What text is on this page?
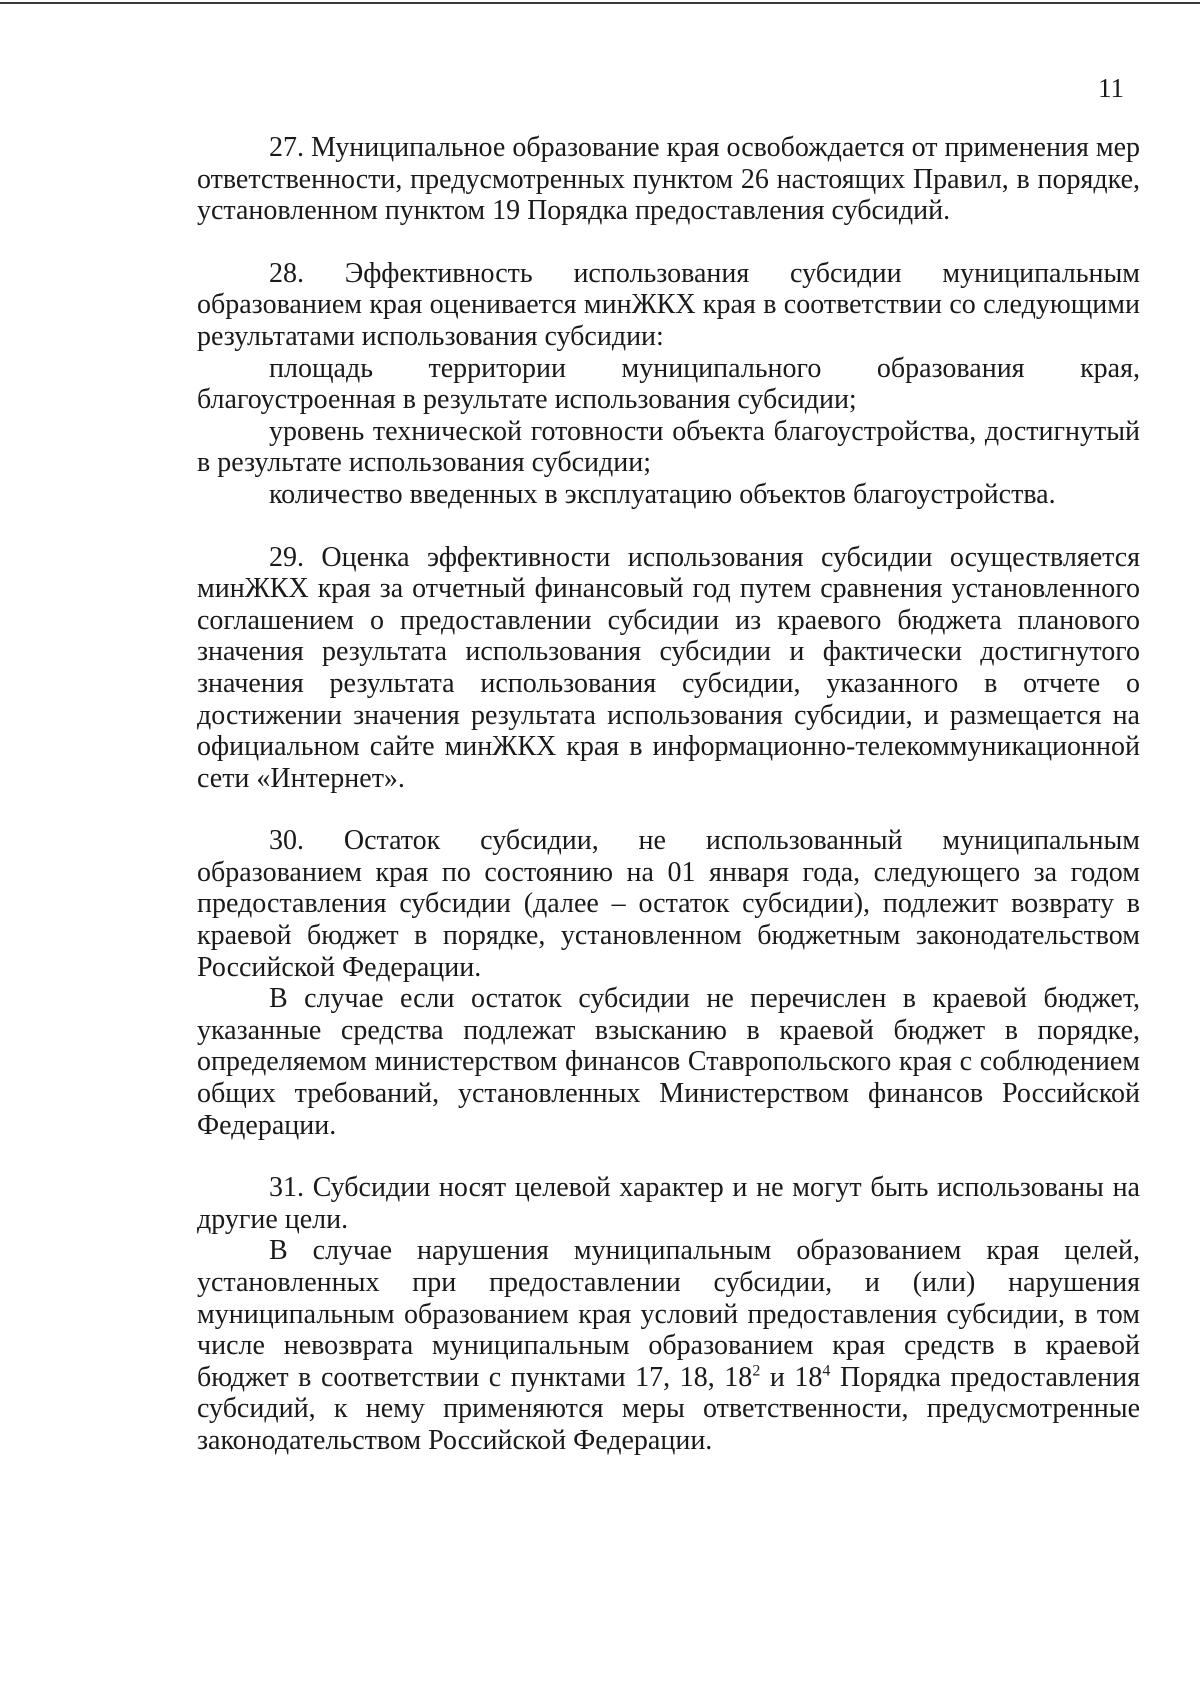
11

27. Муниципальное образование края освобождается от применения мер ответственности, предусмотренных пунктом 26 настоящих Правил, в порядке, установленном пунктом 19 Порядка предоставления субсидий.

28. Эффективность использования субсидии муниципальным образованием края оценивается минЖКХ края в соответствии со следующими результатами использования субсидии:

площадь территории муниципального образования края, благоустроенная в результате использования субсидии;

уровень технической готовности объекта благоустройства, достигнутый в результате использования субсидии;

количество введенных в эксплуатацию объектов благоустройства.

29. Оценка эффективности использования субсидии осуществляется минЖКХ края за отчетный финансовый год путем сравнения установленного соглашением о предоставлении субсидии из краевого бюджета планового значения результата использования субсидии и фактически достигнутого значения результата использования субсидии, указанного в отчете о достижении значения результата использования субсидии, и размещается на официальном сайте минЖКХ края в информационно-телекоммуникационной сети «Интернет».

30. Остаток субсидии, не использованный муниципальным образованием края по состоянию на 01 января года, следующего за годом предоставления субсидии (далее – остаток субсидии), подлежит возврату в краевой бюджет в порядке, установленном бюджетным законодательством Российской Федерации.

В случае если остаток субсидии не перечислен в краевой бюджет, указанные средства подлежат взысканию в краевой бюджет в порядке, определяемом министерством финансов Ставропольского края с соблюдением общих требований, установленных Министерством финансов Российской Федерации.

31. Субсидии носят целевой характер и не могут быть использованы на другие цели.

В случае нарушения муниципальным образованием края целей, установленных при предоставлении субсидии, и (или) нарушения муниципальным образованием края условий предоставления субсидии, в том числе невозврата муниципальным образованием края средств в краевой бюджет в соответствии с пунктами 17, 18, $18^2$ и $18^4$ Порядка предоставления субсидий, к нему применяются меры ответственности, предусмотренные законодательством Российской Федерации.
